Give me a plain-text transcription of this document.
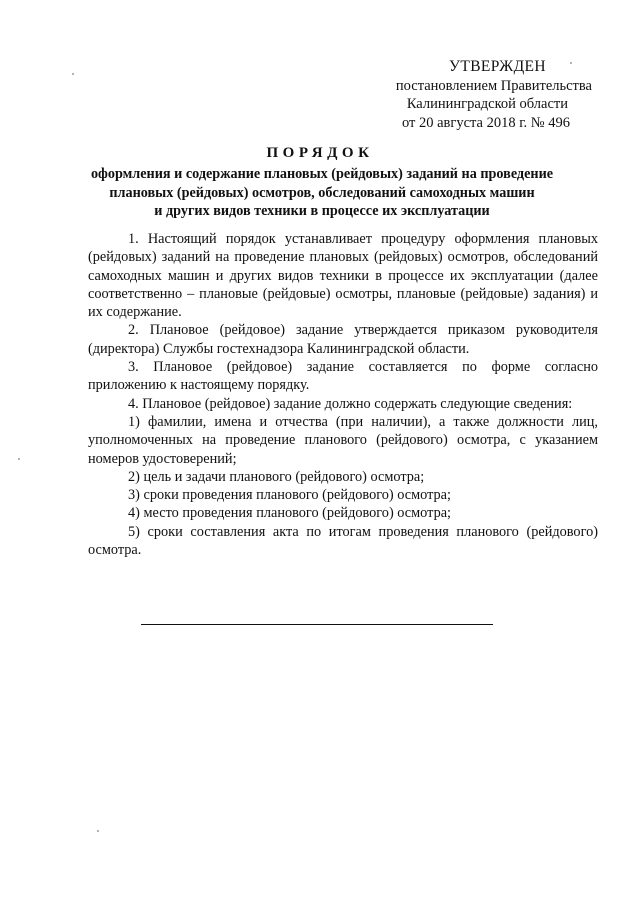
УТВЕРЖДЕН
постановлением Правительства
Калининградской области
от 20 августа 2018 г. № 496
ПОРЯДОК
оформления и содержание плановых (рейдовых) заданий на проведение
плановых (рейдовых) осмотров, обследований самоходных машин
и других видов техники в процессе их эксплуатации

1. Настоящий порядок устанавливает процедуру оформления плановых (рейдовых) заданий на проведение плановых (рейдовых) осмотров, обследований самоходных машин и других видов техники в процессе их эксплуатации (далее соответственно – плановые (рейдовые) осмотры, плановые (рейдовые) задания) и их содержание.

2. Плановое (рейдовое) задание утверждается приказом руководителя (директора) Службы гостехнадзора Калининградской области.

3. Плановое (рейдовое) задание составляется по форме согласно приложению к настоящему порядку.

4. Плановое (рейдовое) задание должно содержать следующие сведения:

1) фамилии, имена и отчества (при наличии), а также должности лиц, уполномоченных на проведение планового (рейдового) осмотра, с указанием номеров удостоверений;

2) цель и задачи планового (рейдового) осмотра;

3) сроки проведения планового (рейдового) осмотра;

4) место проведения планового (рейдового) осмотра;

5) сроки составления акта по итогам проведения планового (рейдового) осмотра.
